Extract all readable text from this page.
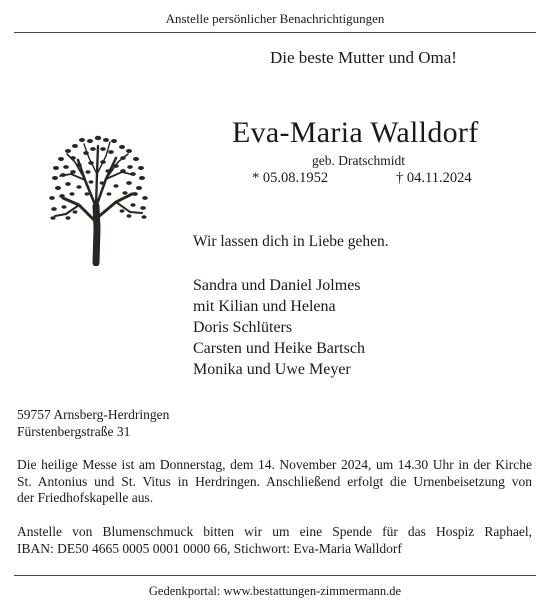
Anstelle persönlicher Benachrichtigungen
Die beste Mutter und Oma!
Eva-Maria Walldorf
geb. Dratschmidt
* 05.08.1952	† 04.11.2024
Wir lassen dich in Liebe gehen.
Sandra und Daniel Jolmes
mit Kilian und Helena
Doris Schlüters
Carsten und Heike Bartsch
Monika und Uwe Meyer
59757 Arnsberg-Herdringen
Fürstenbergstraße 31
Die heilige Messe ist am Donnerstag, dem 14. November 2024, um 14.30 Uhr in der Kirche
St. Antonius und St. Vitus in Herdringen. Anschließend erfolgt die Urnenbeisetzung von
der Friedhofskapelle aus.
Anstelle von Blumenschmuck bitten wir um eine Spende für das Hospiz Raphael,
IBAN: DE50 4665 0005 0001 0000 66, Stichwort: Eva-Maria Walldorf
Gedenkportal: www.bestattungen-zimmermann.de
